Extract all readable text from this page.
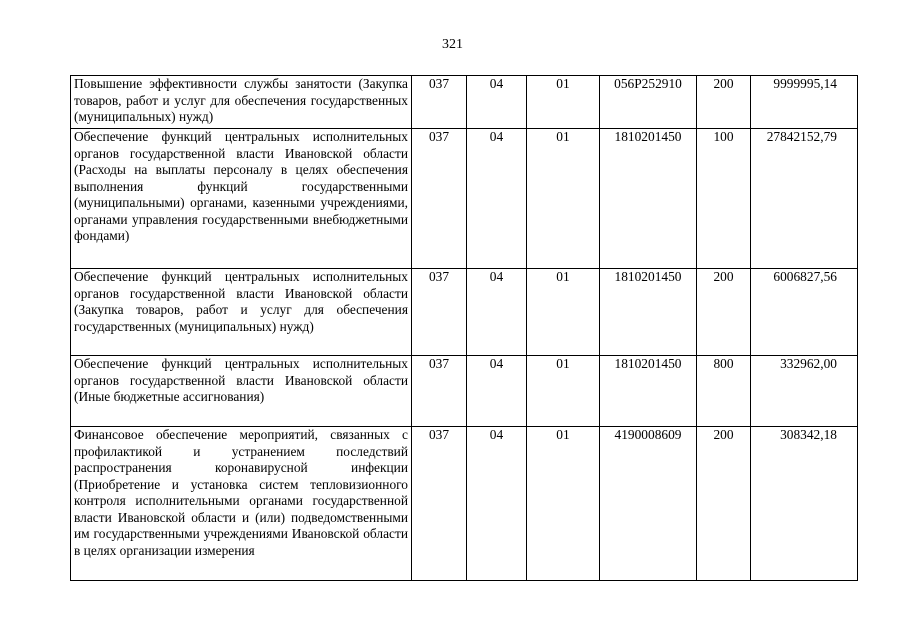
321
Повышение эффективности службы занятости (Закупка товаров, работ и услуг для обеспечения государственных (муниципальных) нужд)	037	04	01	056P252910	200	9999995,14
Обеспечение функций центральных исполнительных органов государственной власти Ивановской области (Расходы на выплаты персоналу в целях обеспечения выполнения функций государственными (муниципальными) органами, казенными учреждениями, органами управления государственными внебюджетными фондами)	037	04	01	1810201450	100	27842152,79
Обеспечение функций центральных исполнительных органов государственной власти Ивановской области (Закупка товаров, работ и услуг для обеспечения государственных (муниципальных) нужд)	037	04	01	1810201450	200	6006827,56
Обеспечение функций центральных исполнительных органов государственной власти Ивановской области (Иные бюджетные ассигнования)	037	04	01	1810201450	800	332962,00
Финансовое обеспечение мероприятий, связанных с профилактикой и устранением последствий распространения коронавирусной инфекции (Приобретение и установка систем тепловизионного контроля исполнительными органами государственной власти Ивановской области и (или) подведомственными им государственными учреждениями Ивановской области в целях организации измерения	037	04	01	4190008609	200	308342,18
